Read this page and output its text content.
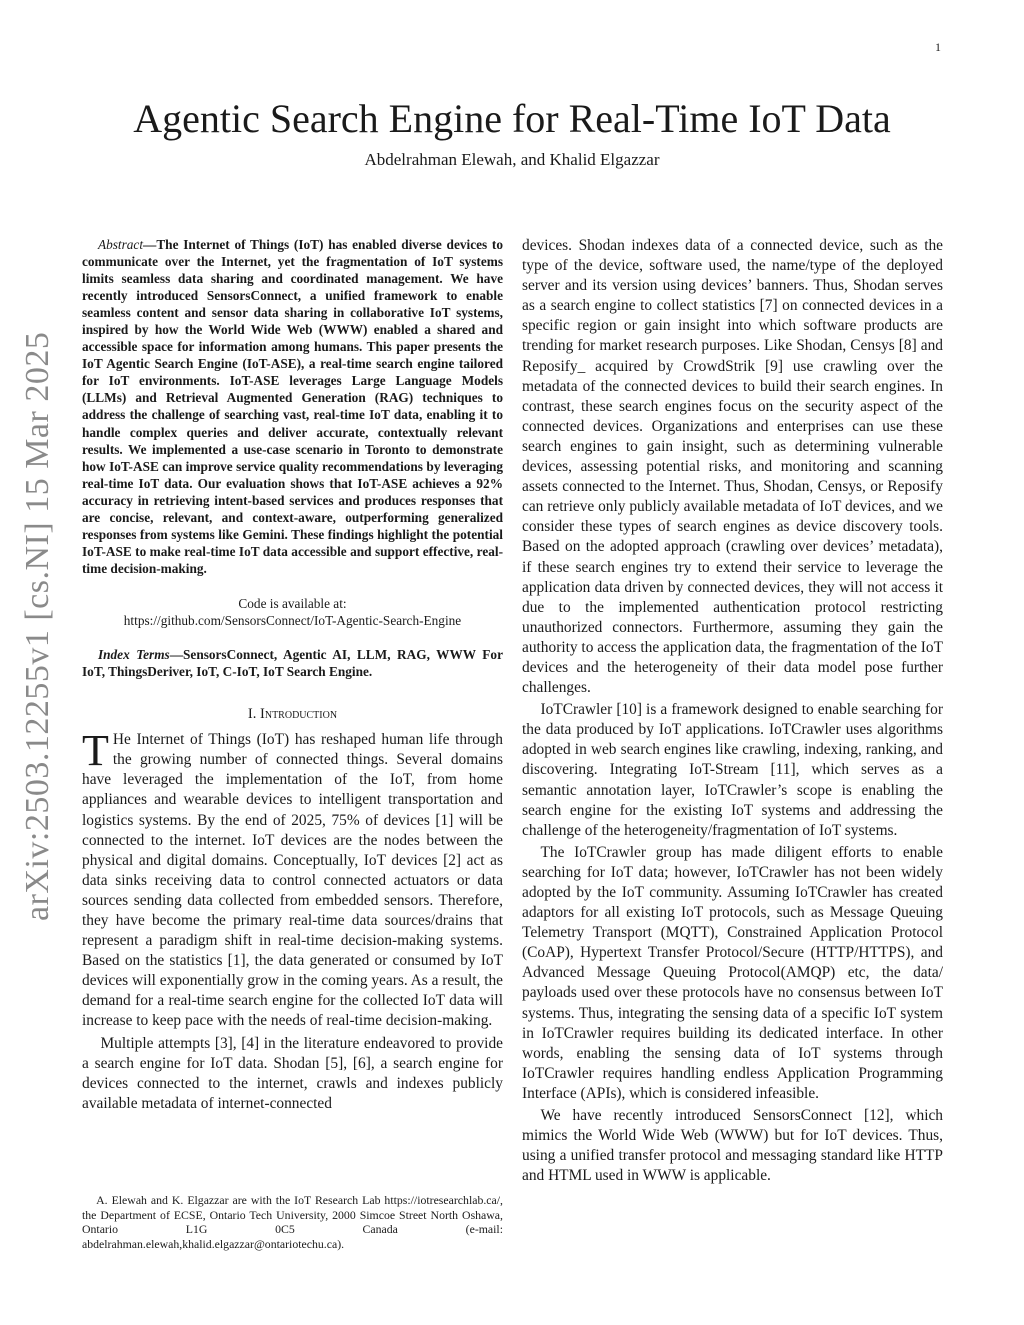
1
arXiv:2503.12255v1 [cs.NI] 15 Mar 2025
Agentic Search Engine for Real-Time IoT Data
Abdelrahman Elewah, and Khalid Elgazzar

Abstract—The Internet of Things (IoT) has enabled diverse devices to communicate over the Internet, yet the fragmentation of IoT systems limits seamless data sharing and coordinated management. We have recently introduced SensorsConnect, a unified framework to enable seamless content and sensor data sharing in collaborative IoT systems, inspired by how the World Wide Web (WWW) enabled a shared and accessible space for information among humans. This paper presents the IoT Agentic Search Engine (IoT-ASE), a real-time search engine tailored for IoT environments. IoT-ASE leverages Large Language Models (LLMs) and Retrieval Augmented Generation (RAG) techniques to address the challenge of searching vast, real-time IoT data, enabling it to handle complex queries and deliver accurate, contextually relevant results. We implemented a use-case scenario in Toronto to demonstrate how IoT-ASE can improve service quality recommendations by leveraging real-time IoT data. Our evaluation shows that IoT-ASE achieves a 92% accuracy in retrieving intent-based services and produces responses that are concise, relevant, and context-aware, outperforming generalized responses from systems like Gemini. These findings highlight the potential IoT-ASE to make real-time IoT data accessible and support effective, real-time decision-making.

Code is available at:
https://github.com/SensorsConnect/IoT-Agentic-Search-Engine

Index Terms—SensorsConnect, Agentic AI, LLM, RAG, WWW For IoT, ThingsDeriver, IoT, C-IoT, IoT Search Engine.

I. Introduction

T He Internet of Things (IoT) has reshaped human life through the growing number of connected things. Several domains have leveraged the implementation of the IoT, from home appliances and wearable devices to intelligent transportation and logistics systems. By the end of 2025, 75% of devices [1] will be connected to the internet. IoT devices are the nodes between the physical and digital domains. Conceptually, IoT devices [2] act as data sinks receiving data to control connected actuators or data sources sending data collected from embedded sensors. Therefore, they have become the primary real-time data sources/drains that represent a paradigm shift in real-time decision-making systems. Based on the statistics [1], the data generated or consumed by IoT devices will exponentially grow in the coming years. As a result, the demand for a real-time search engine for the collected IoT data will increase to keep pace with the needs of real-time decision-making.

Multiple attempts [3], [4] in the literature endeavored to provide a search engine for IoT data. Shodan [5], [6], a search engine for devices connected to the internet, crawls and indexes publicly available metadata of internet-connected

A. Elewah and K. Elgazzar are with the IoT Research Lab https://iotresearchlab.ca/, the Department of ECSE, Ontario Tech University, 2000 Simcoe Street North Oshawa, Ontario L1G 0C5 Canada (e-mail: abdelrahman.elewah,khalid.elgazzar@ontariotechu.ca).

devices. Shodan indexes data of a connected device, such as the type of the device, software used, the name/type of the deployed server and its version using devices’ banners. Thus, Shodan serves as a search engine to collect statistics [7] on connected devices in a specific region or gain insight into which software products are trending for market research purposes. Like Shodan, Censys [8] and Reposify_ acquired by CrowdStrik [9] use crawling over the metadata of the connected devices to build their search engines. In contrast, these search engines focus on the security aspect of the connected devices. Organizations and enterprises can use these search engines to gain insight, such as determining vulnerable devices, assessing potential risks, and monitoring and scanning assets connected to the Internet. Thus, Shodan, Censys, or Reposify can retrieve only publicly available metadata of IoT devices, and we consider these types of search engines as device discovery tools. Based on the adopted approach (crawling over devices’ metadata), if these search engines try to extend their service to leverage the application data driven by connected devices, they will not access it due to the implemented authentication protocol restricting unauthorized connectors. Furthermore, assuming they gain the authority to access the application data, the fragmentation of the IoT devices and the heterogeneity of their data model pose further challenges.

IoTCrawler [10] is a framework designed to enable searching for the data produced by IoT applications. IoTCrawler uses algorithms adopted in web search engines like crawling, indexing, ranking, and discovering. Integrating IoT-Stream [11], which serves as a semantic annotation layer, IoTCrawler’s scope is enabling the search engine for the existing IoT systems and addressing the challenge of the heterogeneity/fragmentation of IoT systems.

The IoTCrawler group has made diligent efforts to enable searching for IoT data; however, IoTCrawler has not been widely adopted by the IoT community. Assuming IoTCrawler has created adaptors for all existing IoT protocols, such as Message Queuing Telemetry Transport (MQTT), Constrained Application Protocol (CoAP), Hypertext Transfer Protocol/Secure (HTTP/HTTPS), and Advanced Message Queuing Protocol(AMQP) etc, the data/ payloads used over these protocols have no consensus between IoT systems. Thus, integrating the sensing data of a specific IoT system in IoTCrawler requires building its dedicated interface. In other words, enabling the sensing data of IoT systems through IoTCrawler requires handling endless Application Programming Interface (APIs), which is considered infeasible.

We have recently introduced SensorsConnect [12], which mimics the World Wide Web (WWW) but for IoT devices. Thus, using a unified transfer protocol and messaging standard like HTTP and HTML used in WWW is applicable.
